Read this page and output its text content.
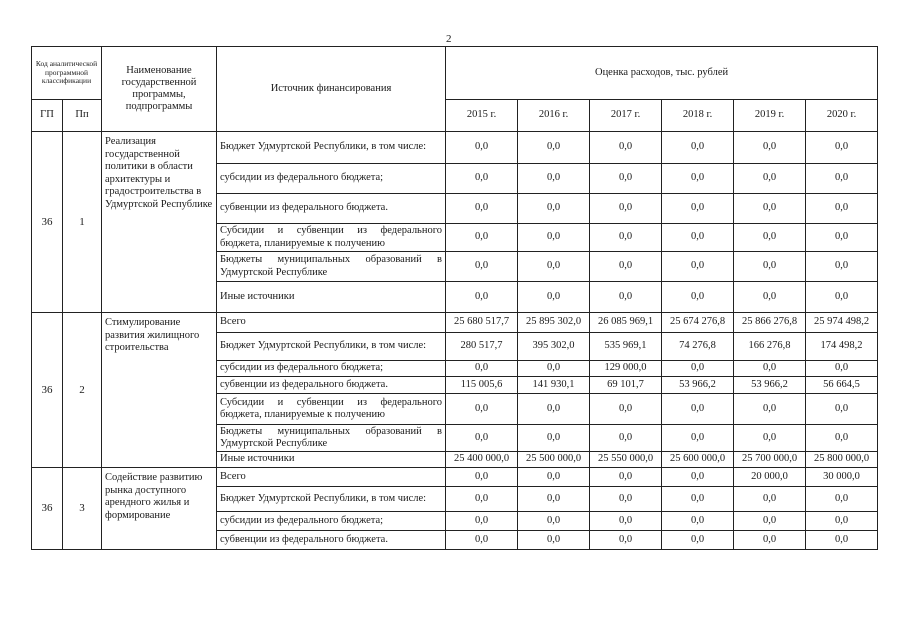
2
Код аналитической программной классификации		Наименование государственной программы, подпрограммы	Источник финансирования	Оценка расходов, тыс. рублей					
ГП	Пп			2015 г.	2016 г.	2017 г.	2018 г.	2019 г.	2020 г.
36	1	Реализация государственной политики в области архитектуры и градостроительства в Удмуртской Республике	Бюджет Удмуртской Республики, в том числе:	0,0	0,0	0,0	0,0	0,0	0,0
			субсидии из федерального бюджета;	0,0	0,0	0,0	0,0	0,0	0,0
			субвенции из федерального бюджета.	0,0	0,0	0,0	0,0	0,0	0,0
			Субсидии и субвенции из федерального бюджета, планируемые к получению	0,0	0,0	0,0	0,0	0,0	0,0
			Бюджеты муниципальных образований в Удмуртской Республике	0,0	0,0	0,0	0,0	0,0	0,0
			Иные источники	0,0	0,0	0,0	0,0	0,0	0,0
36	2	Стимулирование развития жилищного строительства	Всего	25 680 517,7	25 895 302,0	26 085 969,1	25 674 276,8	25 866 276,8	25 974 498,2
			Бюджет Удмуртской Республики, в том числе:	280 517,7	395 302,0	535 969,1	74 276,8	166 276,8	174 498,2
			субсидии из федерального бюджета;	0,0	0,0	129 000,0	0,0	0,0	0,0
			субвенции из федерального бюджета.	115 005,6	141 930,1	69 101,7	53 966,2	53 966,2	56 664,5
			Субсидии и субвенции из федерального бюджета, планируемые к получению	0,0	0,0	0,0	0,0	0,0	0,0
			Бюджеты муниципальных образований в Удмуртской Республике	0,0	0,0	0,0	0,0	0,0	0,0
			Иные источники	25 400 000,0	25 500 000,0	25 550 000,0	25 600 000,0	25 700 000,0	25 800 000,0
36	3	Содействие развитию рынка доступного арендного жилья и формирование	Всего	0,0	0,0	0,0	0,0	20 000,0	30 000,0
			Бюджет Удмуртской Республики, в том числе:	0,0	0,0	0,0	0,0	0,0	0,0
			субсидии из федерального бюджета;	0,0	0,0	0,0	0,0	0,0	0,0
			субвенции из федерального бюджета.	0,0	0,0	0,0	0,0	0,0	0,0
